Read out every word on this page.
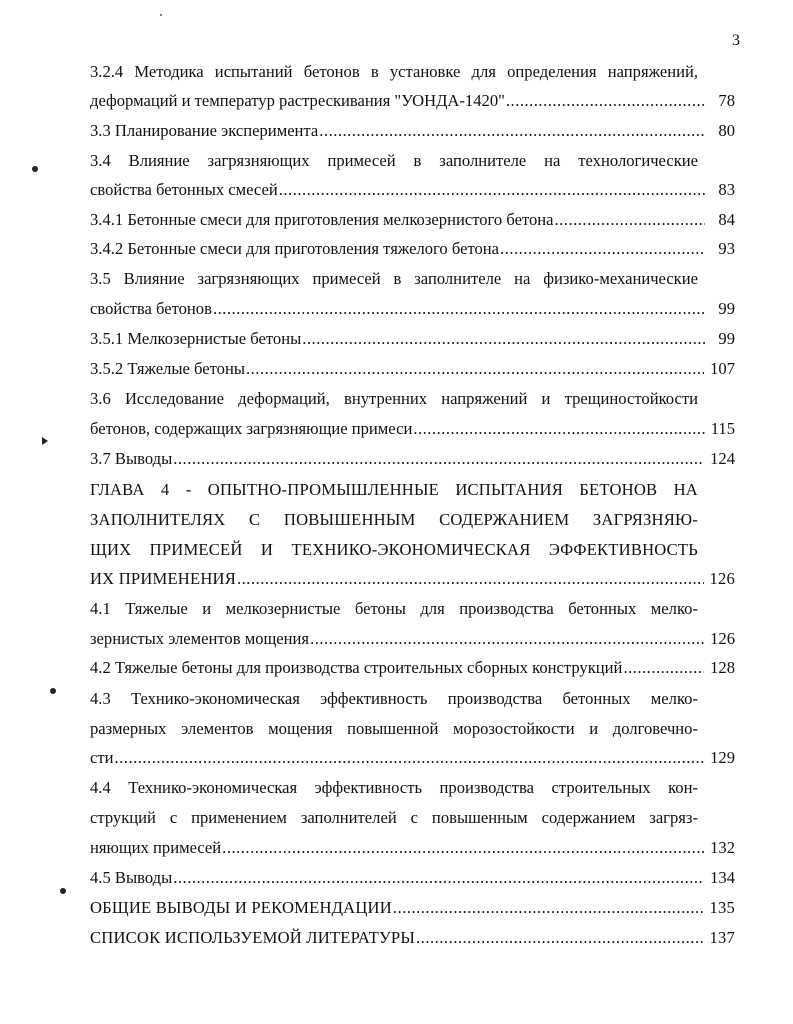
3
3.2.4 Методика испытаний бетонов в установке для определения напряжений,
деформаций и температур растрескивания "УОНДА-1420" .....	78
3.3 Планирование эксперимента .....	80
3.4 Влияние загрязняющих примесей в заполнителе на технологические
свойства бетонных смесей .....	83
3.4.1 Бетонные смеси для приготовления мелкозернистого бетона .....	84
3.4.2 Бетонные смеси для приготовления тяжелого бетона .....	93
3.5 Влияние загрязняющих примесей в заполнителе на физико-механические
свойства бетонов .....	99
3.5.1 Мелкозернистые бетоны .....	99
3.5.2 Тяжелые бетоны .....	107
3.6 Исследование деформаций, внутренних напряжений и трещиностойкости
бетонов, содержащих загрязняющие примеси .....	115
3.7 Выводы .....	124
ГЛАВА 4 - ОПЫТНО-ПРОМЫШЛЕННЫЕ ИСПЫТАНИЯ БЕТОНОВ НА
ЗАПОЛНИТЕЛЯХ С ПОВЫШЕННЫМ СОДЕРЖАНИЕМ ЗАГРЯЗНЯЮ-
ЩИХ ПРИМЕСЕЙ И ТЕХНИКО-ЭКОНОМИЧЕСКАЯ ЭФФЕКТИВНОСТЬ
ИХ ПРИМЕНЕНИЯ .....	126
4.1 Тяжелые и мелкозернистые бетоны для производства бетонных мелко-
зернистых элементов мощения .....	126
4.2 Тяжелые бетоны для производства строительных сборных конструкций .....	128
4.3 Технико-экономическая эффективность производства бетонных мелко-
размерных элементов мощения повышенной морозостойкости и долговечно-
сти .....	129
4.4 Технико-экономическая эффективность производства строительных кон-
струкций с применением заполнителей с повышенным содержанием загряз-
няющих примесей .....	132
4.5 Выводы .....	134
ОБЩИЕ ВЫВОДЫ И РЕКОМЕНДАЦИИ .....	135
СПИСОК ИСПОЛЬЗУЕМОЙ ЛИТЕРАТУРЫ .....	137
